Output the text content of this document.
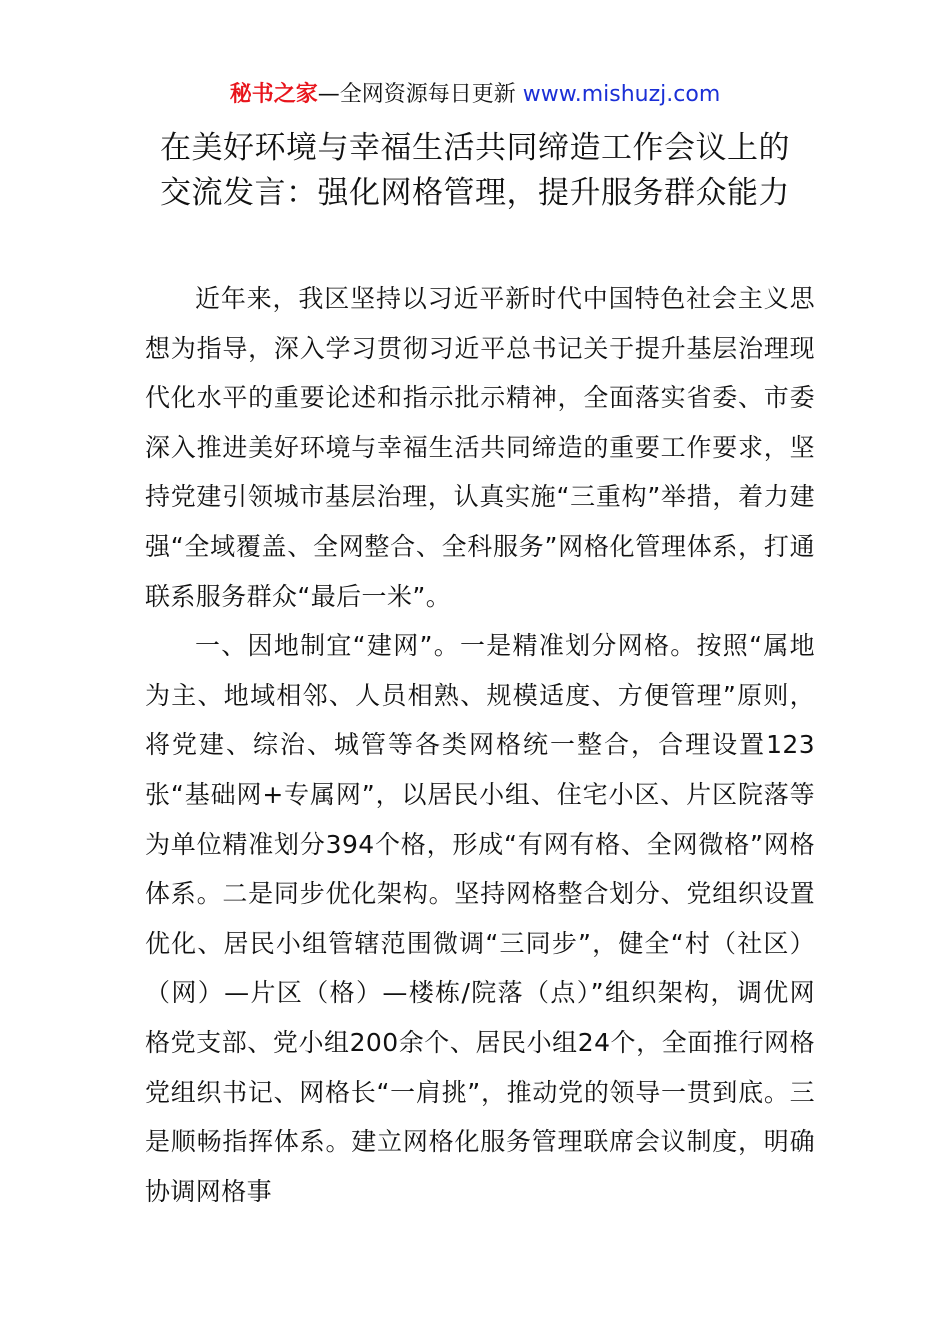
秘书之家—全网资源每日更新 www.mishuzj.com
在美好环境与幸福生活共同缔造工作会议上的
交流发言：强化网格管理，提升服务群众能力

近年来，我区坚持以习近平新时代中国特色社会主义思想为指导，深入学习贯彻习近平总书记关于提升基层治理现代化水平的重要论述和指示批示精神，全面落实省委、市委深入推进美好环境与幸福生活共同缔造的重要工作要求，坚持党建引领城市基层治理，认真实施“三重构”举措，着力建强“全域覆盖、全网整合、全科服务”网格化管理体系，打通联系服务群众“最后一米”。

一、因地制宜“建网”。一是精准划分网格。按照“属地为主、地域相邻、人员相熟、规模适度、方便管理”原则，将党建、综治、城管等各类网格统一整合，合理设置123张“基础网+专属网”，以居民小组、住宅小区、片区院落等为单位精准划分394个格，形成“有网有格、全网微格”网格体系。二是同步优化架构。坚持网格整合划分、党组织设置优化、居民小组管辖范围微调“三同步”，健全“村（社区）（网）—片区（格）—楼栋/院落（点）”组织架构，调优网格党支部、党小组200余个、居民小组24个，全面推行网格党组织书记、网格长“一肩挑”，推动党的领导一贯到底。三是顺畅指挥体系。建立网格化服务管理联席会议制度，明确协调网格事
